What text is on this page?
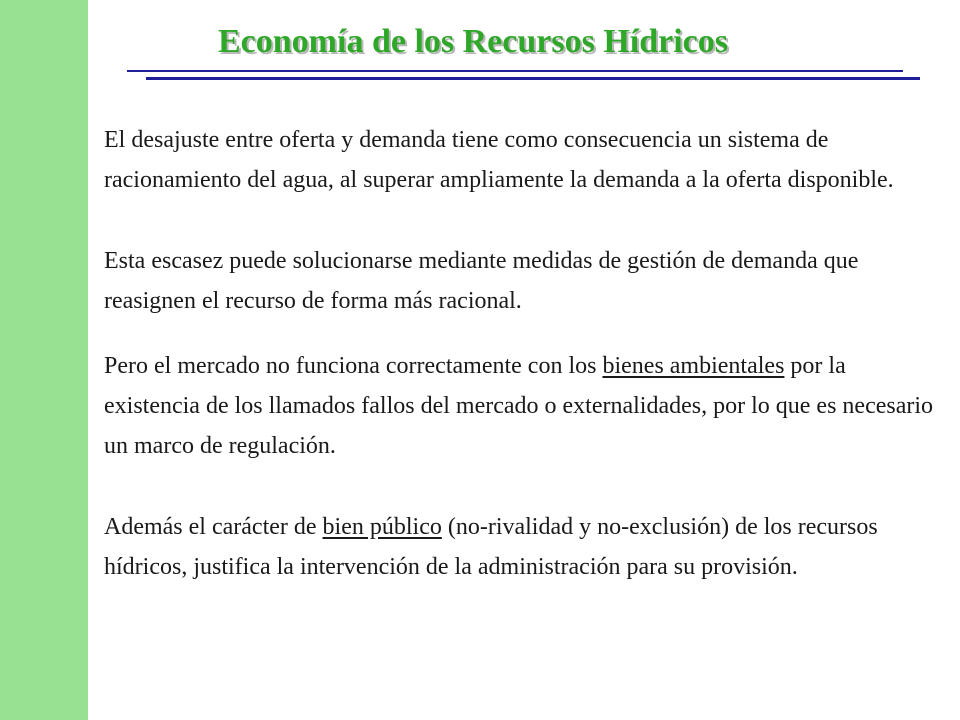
Economía de los Recursos Hídricos

El desajuste entre oferta y demanda tiene como consecuencia un sistema de racionamiento del agua, al superar ampliamente la demanda a la oferta disponible.

Esta escasez puede solucionarse mediante medidas de gestión de demanda que reasignen el recurso de forma más racional.

Pero el mercado no funciona correctamente con los bienes ambientales por la existencia de los llamados fallos del mercado o externalidades, por lo que es necesario un marco de regulación.

Además el carácter de bien público (no-rivalidad y no-exclusión) de los recursos hídricos, justifica la intervención de la administración para su provisión.
